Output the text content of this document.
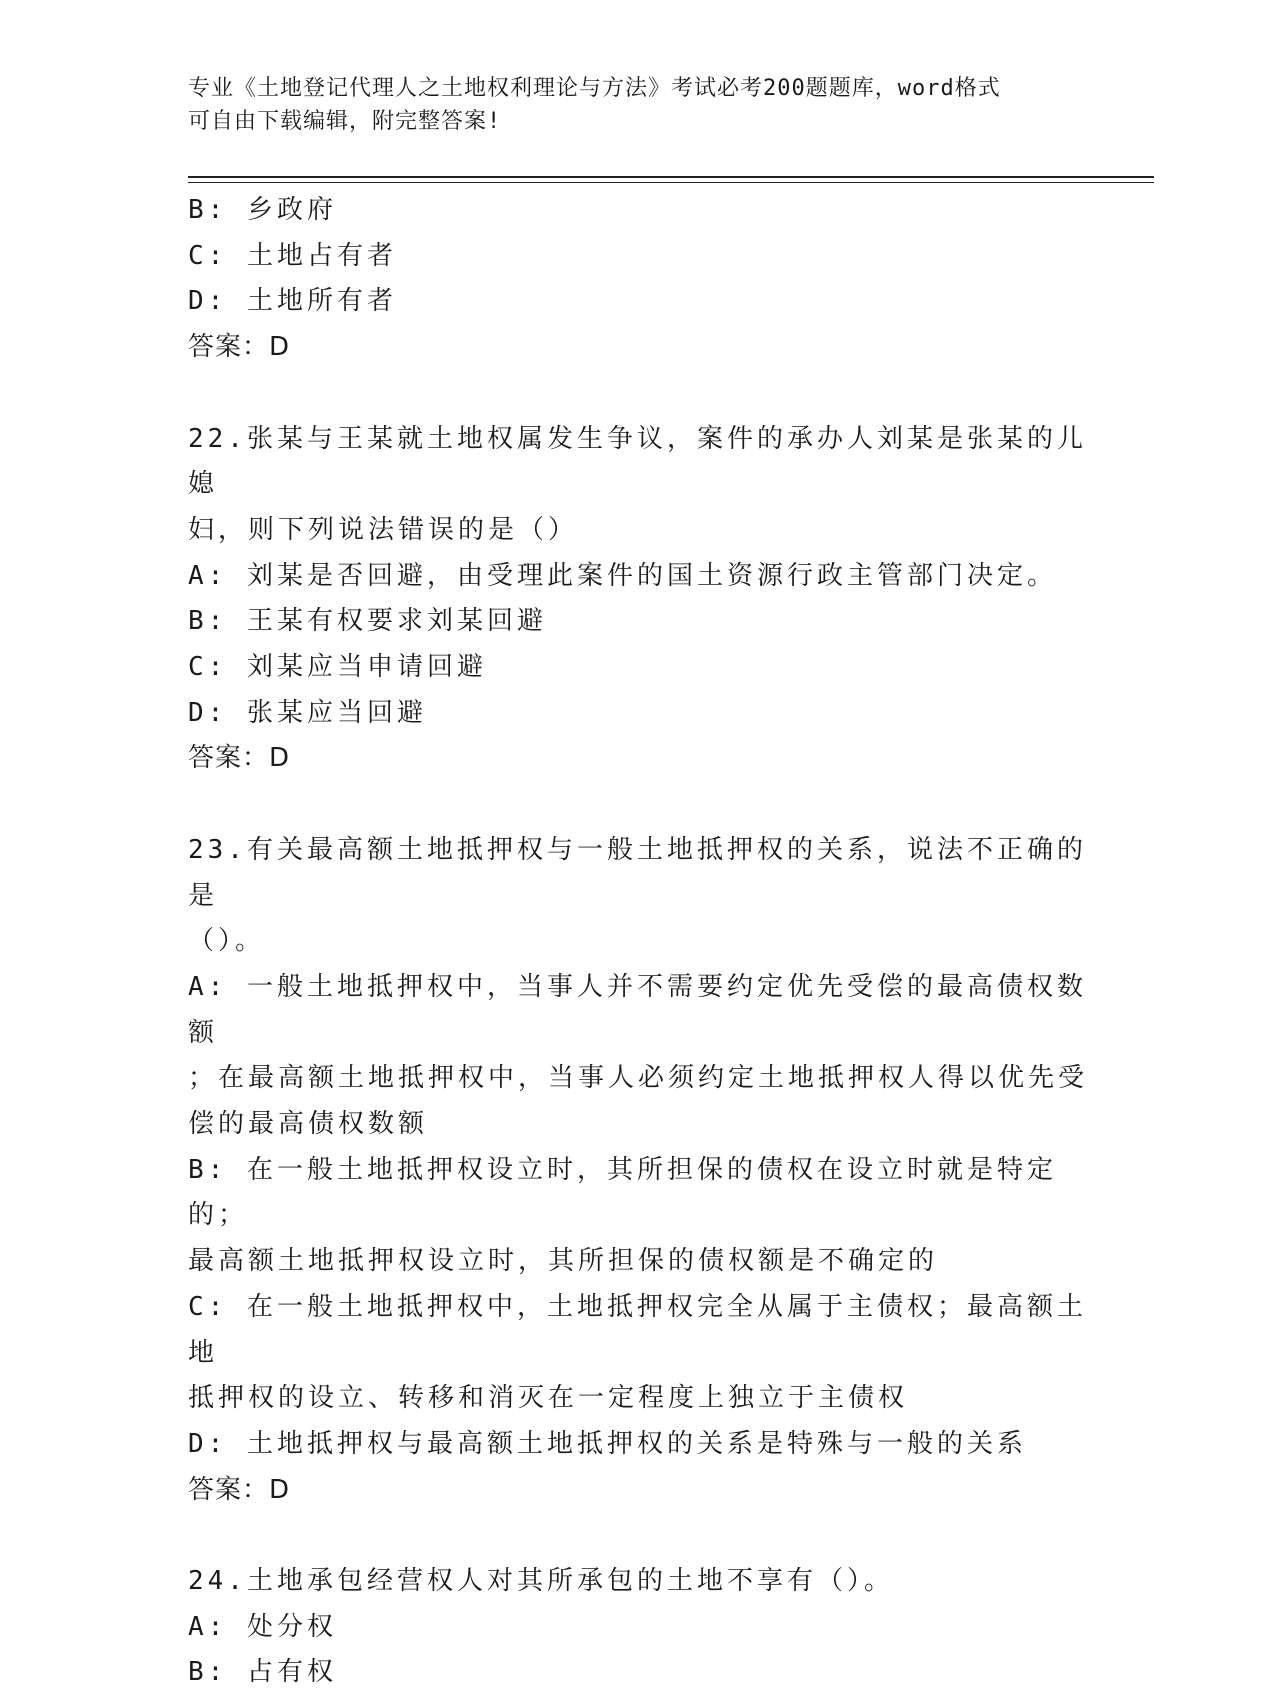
专业《土地登记代理人之土地权利理论与方法》考试必考200题题库，word格式
可自由下载编辑，附完整答案!
B: 乡政府
C: 土地占有者
D: 土地所有者
答案：D
22.张某与王某就土地权属发生争议，案件的承办人刘某是张某的儿媳
妇，则下列说法错误的是（）
A: 刘某是否回避，由受理此案件的国土资源行政主管部门决定。
B: 王某有权要求刘某回避
C: 刘某应当申请回避
D: 张某应当回避
答案：D
23.有关最高额土地抵押权与一般土地抵押权的关系，说法不正确的是
（）。
A: 一般土地抵押权中，当事人并不需要约定优先受偿的最高债权数额
；在最高额土地抵押权中，当事人必须约定土地抵押权人得以优先受
偿的最高债权数额
B: 在一般土地抵押权设立时，其所担保的债权在设立时就是特定的；
最高额土地抵押权设立时，其所担保的债权额是不确定的
C: 在一般土地抵押权中，土地抵押权完全从属于主债权；最高额土地
抵押权的设立、转移和消灭在一定程度上独立于主债权
D: 土地抵押权与最高额土地抵押权的关系是特殊与一般的关系
答案：D
24.土地承包经营权人对其所承包的土地不享有（）。
A: 处分权
B: 占有权
